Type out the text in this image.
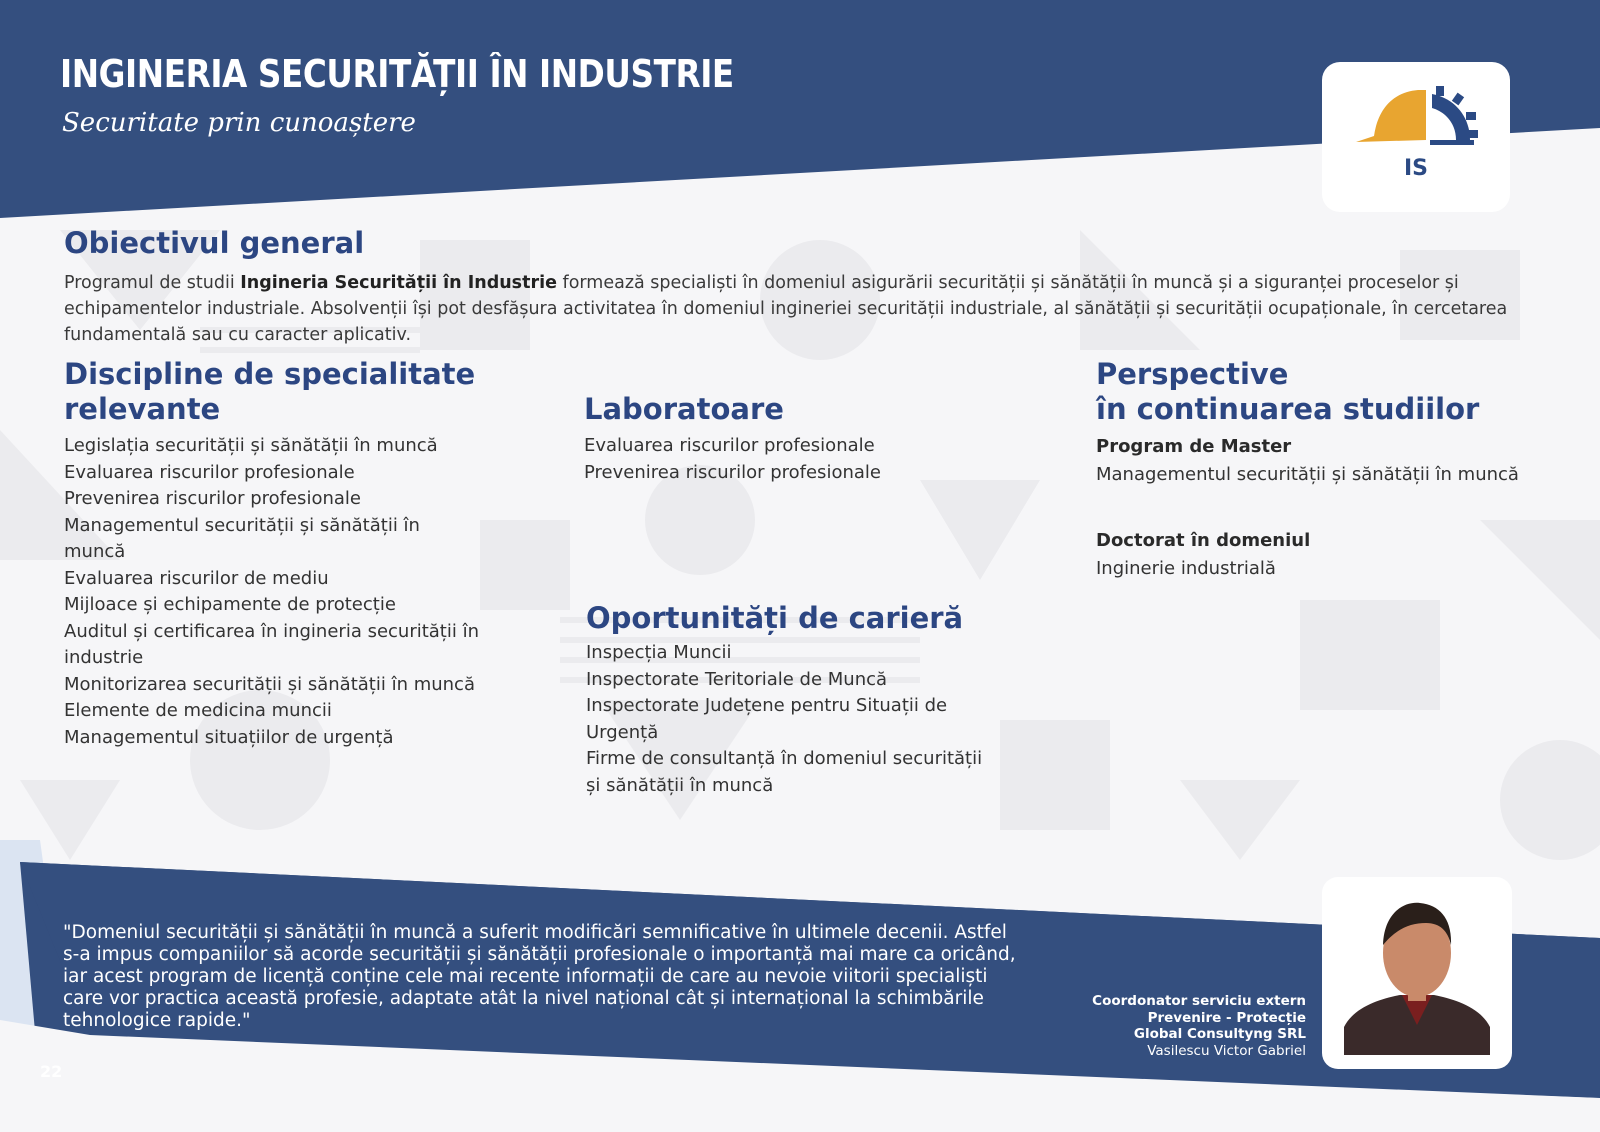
INGINERIA SECURITĂȚII ÎN INDUSTRIE
Securitate prin cunoaștere
IS
Obiectivul general
Programul de studii Ingineria Securității în Industrie formează specialiști în domeniul asigurării securității și sănătății în muncă și a siguranței proceselor și echipamentelor industriale. Absolvenții își pot desfășura activitatea în domeniul ingineriei securității industriale, al sănătății și securității ocupaționale, în cercetarea fundamentală sau cu caracter aplicativ.
Discipline de specialitate
relevante
Legislația securității și sănătății în muncă
Evaluarea riscurilor profesionale
Prevenirea riscurilor profesionale
Managementul securității și sănătății în muncă
Evaluarea riscurilor de mediu
Mijloace și echipamente de protecție
Auditul și certificarea în ingineria securității în industrie
Monitorizarea securității și sănătății în muncă
Elemente de medicina muncii
Managementul situațiilor de urgență
Laboratoare
Evaluarea riscurilor profesionale
Prevenirea riscurilor profesionale
Oportunități de carieră
Inspecția Muncii
Inspectorate Teritoriale de Muncă
Inspectorate Județene pentru Situații de Urgență
Firme de consultanță în domeniul securității și sănătății în muncă
Perspective
în continuarea studiilor
Program de Master
Managementul securității și sănătății în muncă
Doctorat în domeniul
Inginerie industrială
"Domeniul securității și sănătății în muncă a suferit modificări semnificative în ultimele decenii. Astfel s-a impus companiilor să acorde securității și sănătății profesionale o importanță mai mare ca oricând, iar acest program de licență conține cele mai recente informații de care au nevoie viitorii specialiști care vor practica această profesie, adaptate atât la nivel național cât și internațional la schimbările tehnologice rapide."
Coordonator serviciu extern
Prevenire - Protecție
Global Consultyng SRL
Vasilescu Victor Gabriel
22
